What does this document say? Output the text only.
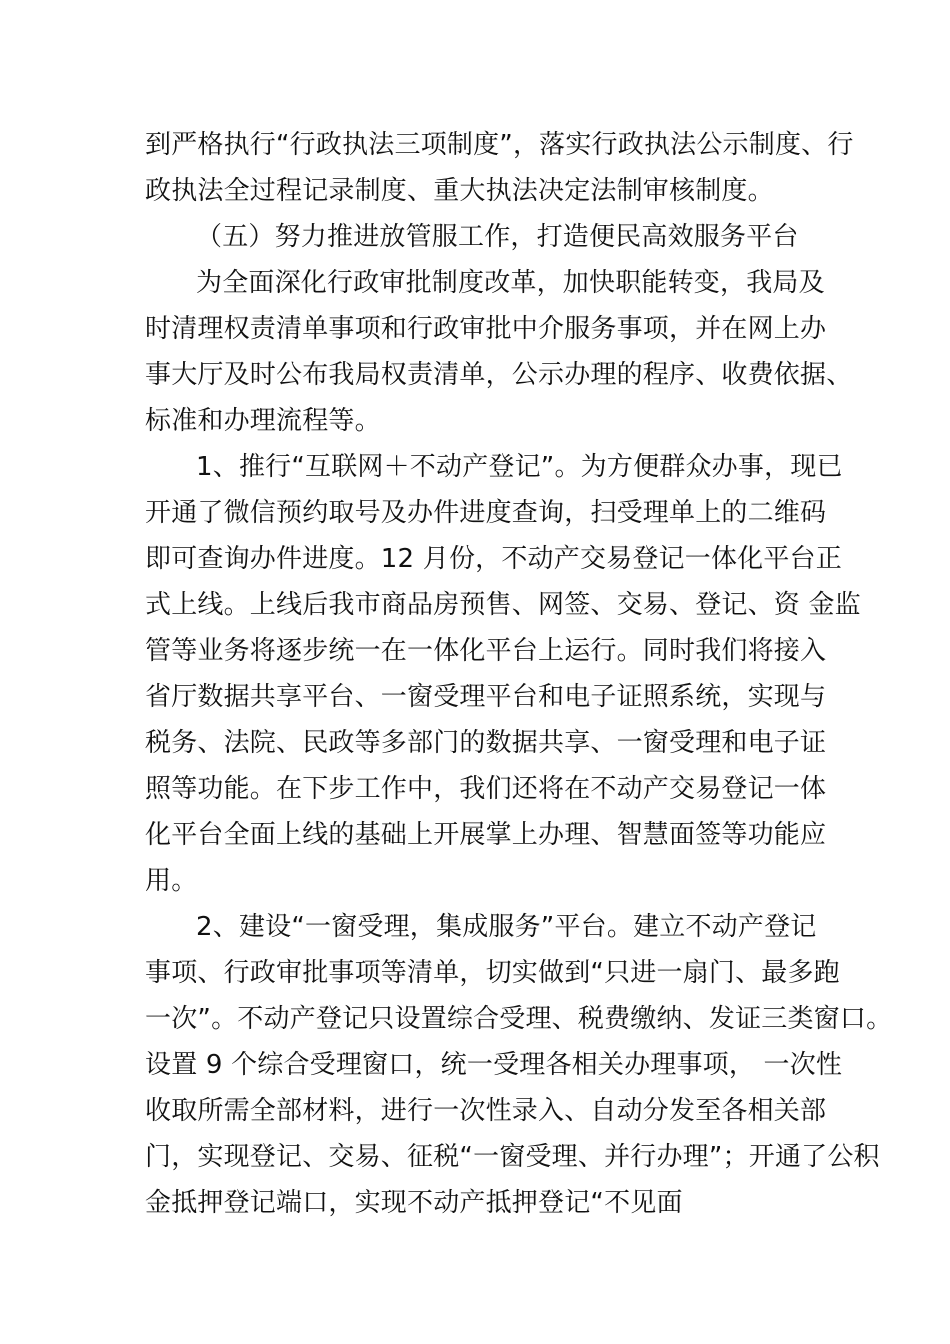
到严格执行“行政执法三项制度”，落实行政执法公示制度、行
政执法全过程记录制度、重大执法决定法制审核制度。
（五）努力推进放管服工作，打造便民高效服务平台
为全面深化行政审批制度改革，加快职能转变，我局及
时清理权责清单事项和行政审批中介服务事项，并在网上办
事大厅及时公布我局权责清单，公示办理的程序、收费依据、
标准和办理流程等。
1、推行“互联网＋不动产登记”。为方便群众办事，现已
开通了微信预约取号及办件进度查询，扫受理单上的二维码
即可查询办件进度。12 月份，不动产交易登记一体化平台正
式上线。上线后我市商品房预售、网签、交易、登记、资 金监
管等业务将逐步统一在一体化平台上运行。同时我们将接入
省厅数据共享平台、一窗受理平台和电子证照系统，实现与
税务、法院、民政等多部门的数据共享、一窗受理和电子证
照等功能。在下步工作中，我们还将在不动产交易登记一体
化平台全面上线的基础上开展掌上办理、智慧面签等功能应
用。
2、建设“一窗受理，集成服务”平台。建立不动产登记
事项、行政审批事项等清单，切实做到“只进一扇门、最多跑
一次”。不动产登记只设置综合受理、税费缴纳、发证三类窗口。
设置 9 个综合受理窗口，统一受理各相关办理事项， 一次性
收取所需全部材料，进行一次性录入、自动分发至各相关部
门，实现登记、交易、征税“一窗受理、并行办理”；开通了公积
金抵押登记端口，实现不动产抵押登记“不见面
